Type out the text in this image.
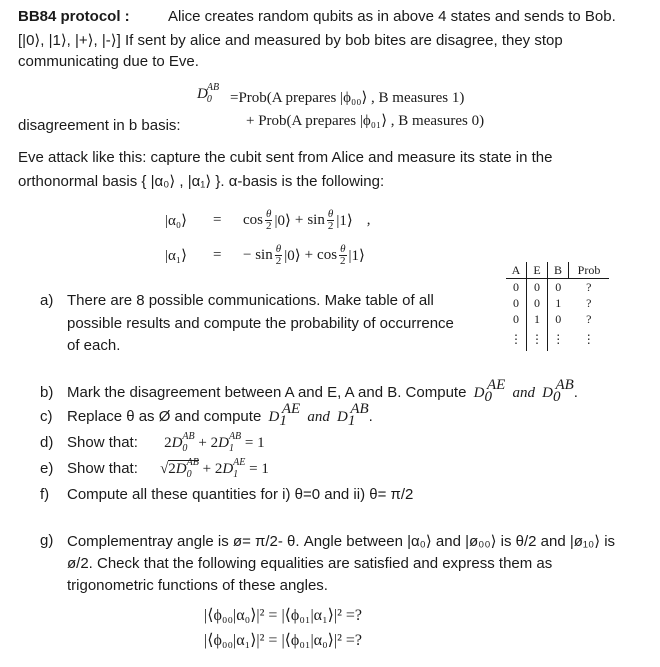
BB84 protocol :	Alice creates random qubits as in above 4 states and sends to Bob.
[|0⟩, |1⟩, |+⟩, |-⟩] If sent by alice and measured by bob bites are disagree, they stop
communicating due to Eve.
$D_0^{AB}$
=Prob(A prepares |ϕ₀₀⟩ , B measures 1)
disagreement in b basis:	+ Prob(A prepares |ϕ₀₁⟩ , B measures 0)
Eve attack like this: capture the cubit sent from Alice and measure its state in the
orthonormal basis { |α₀⟩ , |α₁⟩ }. α-basis is the following:
|α₀⟩	=	$\cos \frac{\theta}{2}$ |0⟩ + $\sin \frac{\theta}{2}$ |1⟩ ,
|α₁⟩	=	− $\sin \frac{\theta}{2}$ |0⟩ + $\cos \frac{\theta}{2}$ |1⟩
A	E	B	Prob
0	0	0	?
0	0	1	?
0	1	0	?
⋮	⋮	⋮	⋮
a) There are 8 possible communications. Make table of all
possible results and compute the probability of occurrence
of each.
b) Mark the disagreement between A and E, A and B. Compute $D_0^{AE}$ and $D_0^{AB}$.
c) Replace θ as Ø and compute $D_1^{AE}$ and $D_1^{AB}$.
d) Show that: $2D_0^{AB} + 2D_1^{AB} = 1$
e) Show that: $√2D_0^{AB} + 2D_1^{AE} = 1$
f) Compute all these quantities for i) θ=0 and ii) θ= π/2
g) Complementray angle is ø= π/2- θ. Angle between |α₀⟩ and |ø₀₀⟩ is θ/2 and |ø₁₀⟩ is
ø/2. Check that the following equalities are satisfied and express them as
trigonometric functions of these angles.
|⟨ϕ₀₀|α₀⟩|² = |⟨ϕ₀₁|α₁⟩|² =?
|⟨ϕ₀₀|α₁⟩|² = |⟨ϕ₀₁|α₀⟩|² =?
